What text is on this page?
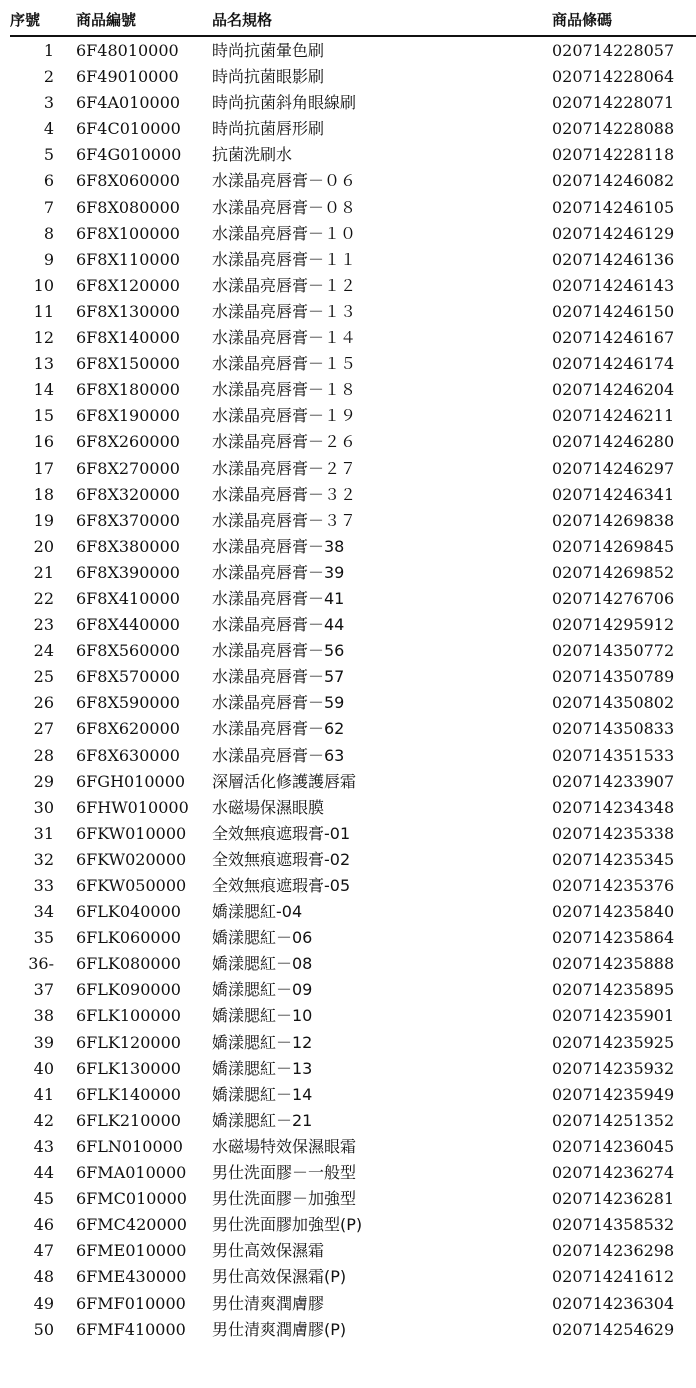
序號 商品編號	品名規格	商品條碼
1 6F48010000 時尚抗菌暈色刷	020714228057
2 6F49010000 時尚抗菌眼影刷	020714228064
3 6F4A010000 時尚抗菌斜角眼線刷	020714228071
4 6F4C010000 時尚抗菌唇形刷	020714228088
5 6F4G010000 抗菌洗刷水	020714228118
6 6F8X060000 水漾晶亮唇膏－０６	020714246082
7 6F8X080000 水漾晶亮唇膏－０８	020714246105
8 6F8X100000 水漾晶亮唇膏－１０	020714246129
9 6F8X110000 水漾晶亮唇膏－１１	020714246136
10 6F8X120000 水漾晶亮唇膏－１２	020714246143
11 6F8X130000 水漾晶亮唇膏－１３	020714246150
12 6F8X140000 水漾晶亮唇膏－１４	020714246167
13 6F8X150000 水漾晶亮唇膏－１５	020714246174
14 6F8X180000 水漾晶亮唇膏－１８	020714246204
15 6F8X190000 水漾晶亮唇膏－１９	020714246211
16 6F8X260000 水漾晶亮唇膏－２６	020714246280
17 6F8X270000 水漾晶亮唇膏－２７	020714246297
18 6F8X320000 水漾晶亮唇膏－３２	020714246341
19 6F8X370000 水漾晶亮唇膏－３７	020714269838
20 6F8X380000 水漾晶亮唇膏－38	020714269845
21 6F8X390000 水漾晶亮唇膏－39	020714269852
22 6F8X410000 水漾晶亮唇膏－41	020714276706
23 6F8X440000 水漾晶亮唇膏－44	020714295912
24 6F8X560000 水漾晶亮唇膏－56	020714350772
25 6F8X570000 水漾晶亮唇膏－57	020714350789
26 6F8X590000 水漾晶亮唇膏－59	020714350802
27 6F8X620000 水漾晶亮唇膏－62	020714350833
28 6F8X630000 水漾晶亮唇膏－63	020714351533
29 6FGH010000 深層活化修護護唇霜	020714233907
30 6FHW010000 水磁場保濕眼膜	020714234348
31 6FKW010000 全效無痕遮瑕膏-01	020714235338
32 6FKW020000 全效無痕遮瑕膏-02	020714235345
33 6FKW050000 全效無痕遮瑕膏-05	020714235376
34 6FLK040000 嬌漾腮紅-04	020714235840
35 6FLK060000 嬌漾腮紅－06	020714235864
36- 6FLK080000 嬌漾腮紅－08	020714235888
37 6FLK090000 嬌漾腮紅－09	020714235895
38 6FLK100000 嬌漾腮紅－10	020714235901
39 6FLK120000 嬌漾腮紅－12	020714235925
40 6FLK130000 嬌漾腮紅－13	020714235932
41 6FLK140000 嬌漾腮紅－14	020714235949
42 6FLK210000 嬌漾腮紅－21	020714251352
43 6FLN010000 水磁場特效保濕眼霜	020714236045
44 6FMA010000 男仕洗面膠－一般型	020714236274
45 6FMC010000 男仕洗面膠－加強型	020714236281
46 6FMC420000 男仕洗面膠加強型(P)	020714358532
47 6FME010000 男仕高效保濕霜	020714236298
48 6FME430000 男仕高效保濕霜(P)	020714241612
49 6FMF010000 男仕清爽潤膚膠	020714236304
50 6FMF410000 男仕清爽潤膚膠(P)	020714254629
